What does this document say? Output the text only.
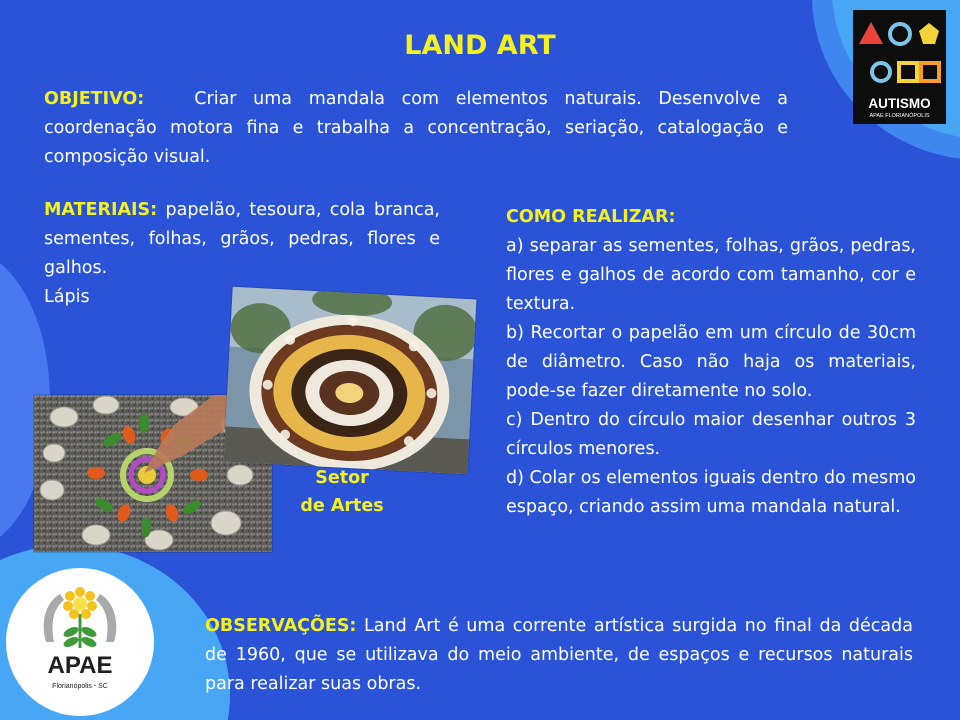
LAND ART
OBJETIVO:	Criar uma mandala com elementos naturais. Desenvolve a coordenação motora fina e trabalha a concentração, seriação, catalogação e composição visual.
MATERIAIS: papelão, tesoura, cola branca, sementes, folhas, grãos, pedras, flores e galhos.
Lápis
COMO REALIZAR:
a) separar as sementes, folhas, grãos, pedras, flores e galhos de acordo com tamanho, cor e textura.
b) Recortar o papelão em um círculo de 30cm de diâmetro. Caso não haja os materiais, pode-se fazer diretamente no solo.
c) Dentro do círculo maior desenhar outros 3 círculos menores.
d) Colar os elementos iguais dentro do mesmo espaço, criando assim uma mandala natural.
OBSERVAÇÕES: Land Art é uma corrente artística surgida no final da década de 1960, que se utilizava do meio ambiente, de espaços e recursos naturais para realizar suas obras.
Setor
de Artes
AUTISMO
APAE FLORIANÓPOLIS
APAE
Florianópolis - SC
